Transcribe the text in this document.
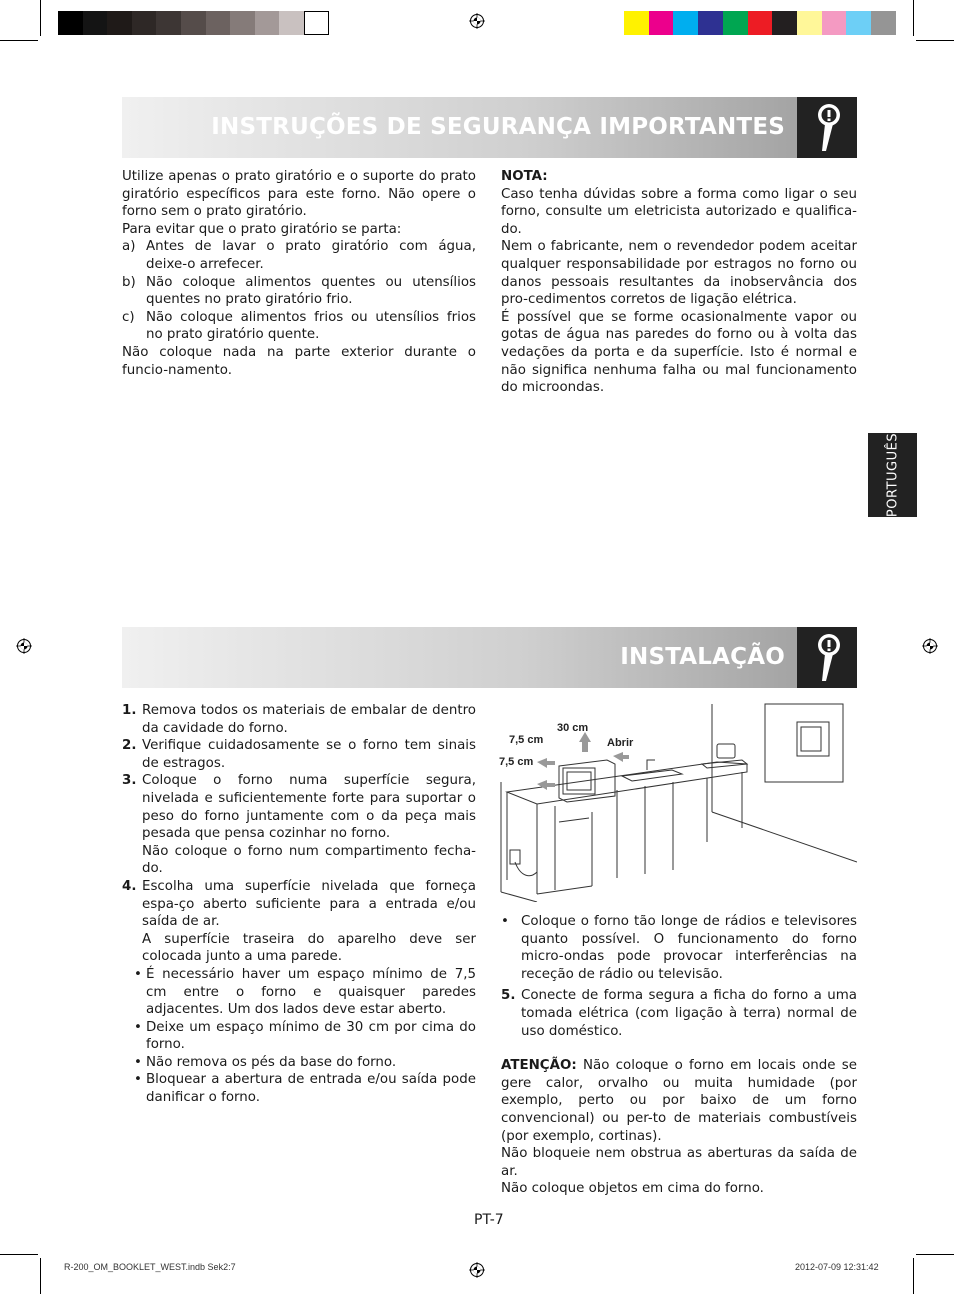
INSTRUÇÕES DE SEGURANÇA IMPORTANTES

Utilize apenas o prato giratório e o suporte do prato giratório específicos para este forno. Não opere o forno sem o prato giratório.

Para evitar que o prato giratório se parta:

a) Antes de lavar o prato giratório com água, deixe-o arrefecer.
b) Não coloque alimentos quentes ou utensílios quentes no prato giratório frio.
c) Não coloque alimentos frios ou utensílios frios no prato giratório quente.

Não coloque nada na parte exterior durante o funcio-namento.

NOTA:

Caso tenha dúvidas sobre a forma como ligar o seu forno, consulte um eletricista autorizado e qualifica-do.

Nem o fabricante, nem o revendedor podem aceitar qualquer responsabilidade por estragos no forno ou danos pessoais resultantes da inobservância dos pro-cedimentos corretos de ligação elétrica.

É possível que se forme ocasionalmente vapor ou gotas de água nas paredes do forno ou à volta das vedações da porta e da superfície. Isto é normal e não significa nenhuma falha ou mal funcionamento do microondas.

PORTUGUÊS
INSTALAÇÃO
1. Remova todos os materiais de embalar de dentro da cavidade do forno.
2. Verifique cuidadosamente se o forno tem sinais de estragos.
3. Coloque o forno numa superfície segura, nivelada e suficientemente forte para suportar o peso do forno juntamente com o da peça mais pesada que pensa cozinhar no forno.
Não coloque o forno num compartimento fecha-do.
4. Escolha uma superfície nivelada que forneça espa-ço aberto suficiente para a entrada e/ou saída de ar.
A superfície traseira do aparelho deve ser colocada junto a uma parede.
• É necessário haver um espaço mínimo de 7,5 cm entre o forno e quaisquer paredes adjacentes. Um dos lados deve estar aberto.
• Deixe um espaço mínimo de 30 cm por cima do forno.
• Não remova os pés da base do forno.
• Bloquear a abertura de entrada e/ou saída pode danificar o forno.
30 cm
7,5 cm
7,5 cm
Abrir
• Coloque o forno tão longe de rádios e televisores quanto possível. O funcionamento do forno micro-ondas pode provocar interferências na receção de rádio ou televisão.
5. Conecte de forma segura a ficha do forno a uma tomada elétrica (com ligação à terra) normal de uso doméstico.

ATENÇÃO: Não coloque o forno em locais onde se gere calor, orvalho ou muita humidade (por exemplo, perto ou por baixo de um forno convencional) ou per-to de materiais combustíveis (por exemplo, cortinas).

Não bloqueie nem obstrua as aberturas da saída de ar.

Não coloque objetos em cima do forno.

PT-7
R-200_OM_BOOKLET_WEST.indb Sek2:7	2012-07-09 12:31:42
